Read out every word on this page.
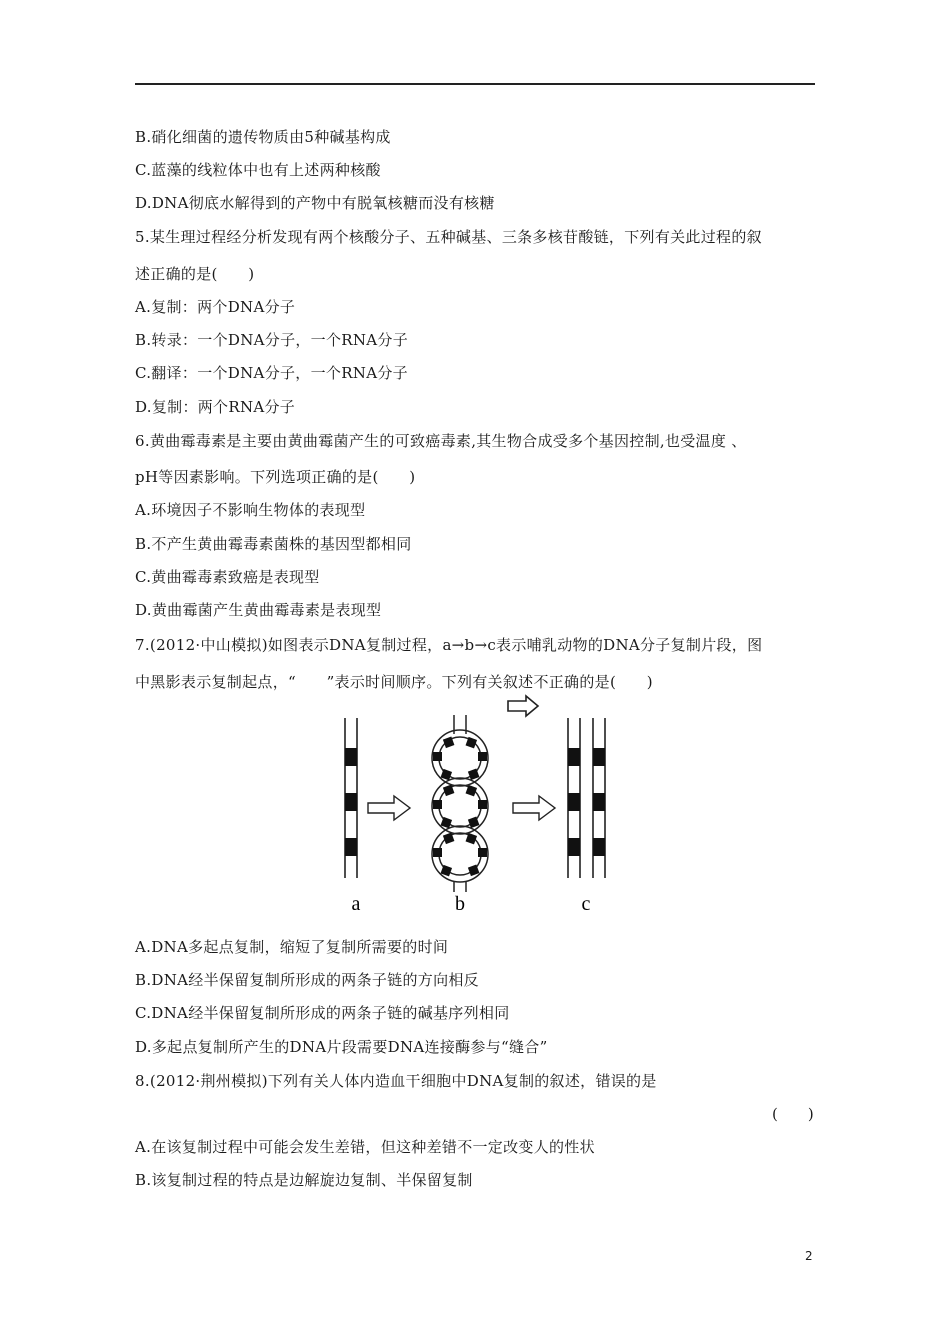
B.硝化细菌的遗传物质由5种碱基构成
C.蓝藻的线粒体中也有上述两种核酸
D.DNA彻底水解得到的产物中有脱氧核糖而没有核糖
5.某生理过程经分析发现有两个核酸分子、五种碱基、三条多核苷酸链，下列有关此过程的叙
述正确的是(　　)
A.复制：两个DNA分子
B.转录：一个DNA分子，一个RNA分子
C.翻译：一个DNA分子，一个RNA分子
D.复制：两个RNA分子
6.黄曲霉毒素是主要由黄曲霉菌产生的可致癌毒素,其生物合成受多个基因控制,也受温度 、
pH等因素影响。下列选项正确的是(　　)
A.环境因子不影响生物体的表现型
B.不产生黄曲霉毒素菌株的基因型都相同
C.黄曲霉毒素致癌是表现型
D.黄曲霉菌产生黄曲霉毒素是表现型
7.(2012·中山模拟)如图表示DNA复制过程，a→b→c表示哺乳动物的DNA分子复制片段，图
中黑影表示复制起点，“　　”表示时间顺序。下列有关叙述不正确的是(　　)
a	b	c
A.DNA多起点复制，缩短了复制所需要的时间
B.DNA经半保留复制所形成的两条子链的方向相反
C.DNA经半保留复制所形成的两条子链的碱基序列相同
D.多起点复制所产生的DNA片段需要DNA连接酶参与“缝合”
8.(2012·荆州模拟)下列有关人体内造血干细胞中DNA复制的叙述，错误的是
(　　)
A.在该复制过程中可能会发生差错，但这种差错不一定改变人的性状
B.该复制过程的特点是边解旋边复制、半保留复制
2
